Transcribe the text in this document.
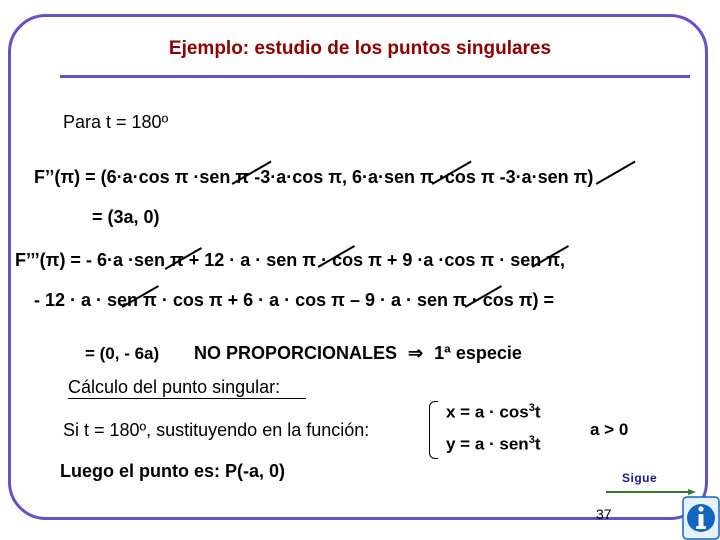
Ejemplo: estudio de los puntos singulares
Para t = 180º
F’’(π) = (6·a·cos π ·sen π -3·a·cos π, 6·a·sen π ·cos π -3·a·sen π)
= (3a, 0)
F’’’(π) = - 6·a ·sen π + 12 · a · sen π · cos π + 9 ·a ·cos π · sen π,
- 12 · a · sen π · cos π + 6 · a · cos π – 9 · a · sen π · cos π) =
= (0, - 6a) NO PROPORCIONALES ⇒ 1ª especie
Cálculo del punto singular:
Si t = 180º, sustituyendo en la función:
$x = a \cdot \cos^3t$
y = a · sen$^3$t
a > 0
Luego el punto es: P(-a, 0)	Sigue
37
